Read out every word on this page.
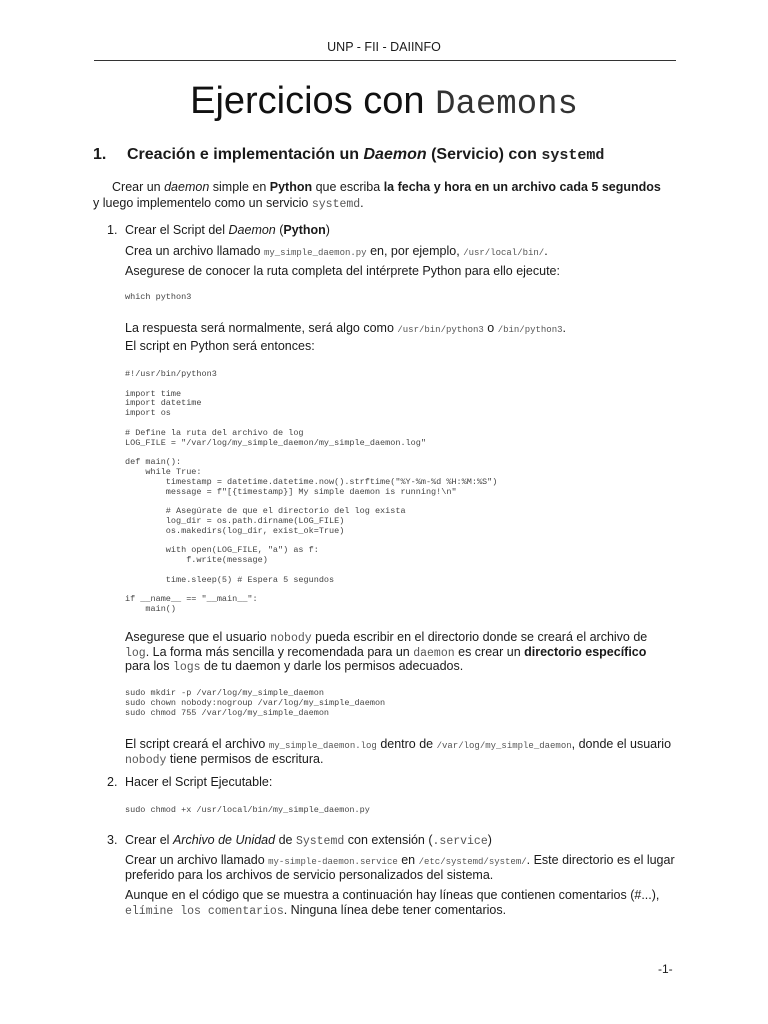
UNP - FII - DAIINFO
Ejercicios con Daemons
1. Creación e implementación un Daemon (Servicio) con systemd
Crear un daemon simple en Python que escriba la fecha y hora en un archivo cada 5 segundos
y luego implementelo como un servicio systemd.
1. Crear el Script del Daemon (Python)
Crea un archivo llamado my_simple_daemon.py en, por ejemplo, /usr/local/bin/.
Asegurese de conocer la ruta completa del intérprete Python para ello ejecute:
which python3
La respuesta será normalmente, será algo como /usr/bin/python3 o /bin/python3.
El script en Python será entonces:
#!/usr/bin/python3

import time
import datetime
import os

# Define la ruta del archivo de log
LOG_FILE = "/var/log/my_simple_daemon/my_simple_daemon.log"

def main():
while True:
timestamp = datetime.datetime.now().strftime("%Y-%m-%d %H:%M:%S")
message = f"[{timestamp}] My simple daemon is running!\n"

# Asegúrate de que el directorio del log exista
log_dir = os.path.dirname(LOG_FILE)
os.makedirs(log_dir, exist_ok=True)

with open(LOG_FILE, "a") as f:
f.write(message)

time.sleep(5) # Espera 5 segundos

if __name__ == "__main__":
main()
Asegurese que el usuario nobody pueda escribir en el directorio donde se creará el archivo de
log. La forma más sencilla y recomendada para un daemon es crear un directorio específico
para los logs de tu daemon y darle los permisos adecuados.
sudo mkdir -p /var/log/my_simple_daemon
sudo chown nobody:nogroup /var/log/my_simple_daemon
sudo chmod 755 /var/log/my_simple_daemon
El script creará el archivo my_simple_daemon.log dentro de /var/log/my_simple_daemon, donde el usuario
nobody tiene permisos de escritura.
2. Hacer el Script Ejecutable:
sudo chmod +x /usr/local/bin/my_simple_daemon.py
3. Crear el Archivo de Unidad de Systemd con extensión (.service)
Crear un archivo llamado my-simple-daemon.service en /etc/systemd/system/. Este directorio es el lugar
preferido para los archivos de servicio personalizados del sistema.
Aunque en el código que se muestra a continuación hay líneas que contienen comentarios (#...),
elímine los comentarios. Ninguna línea debe tener comentarios.
-1-
